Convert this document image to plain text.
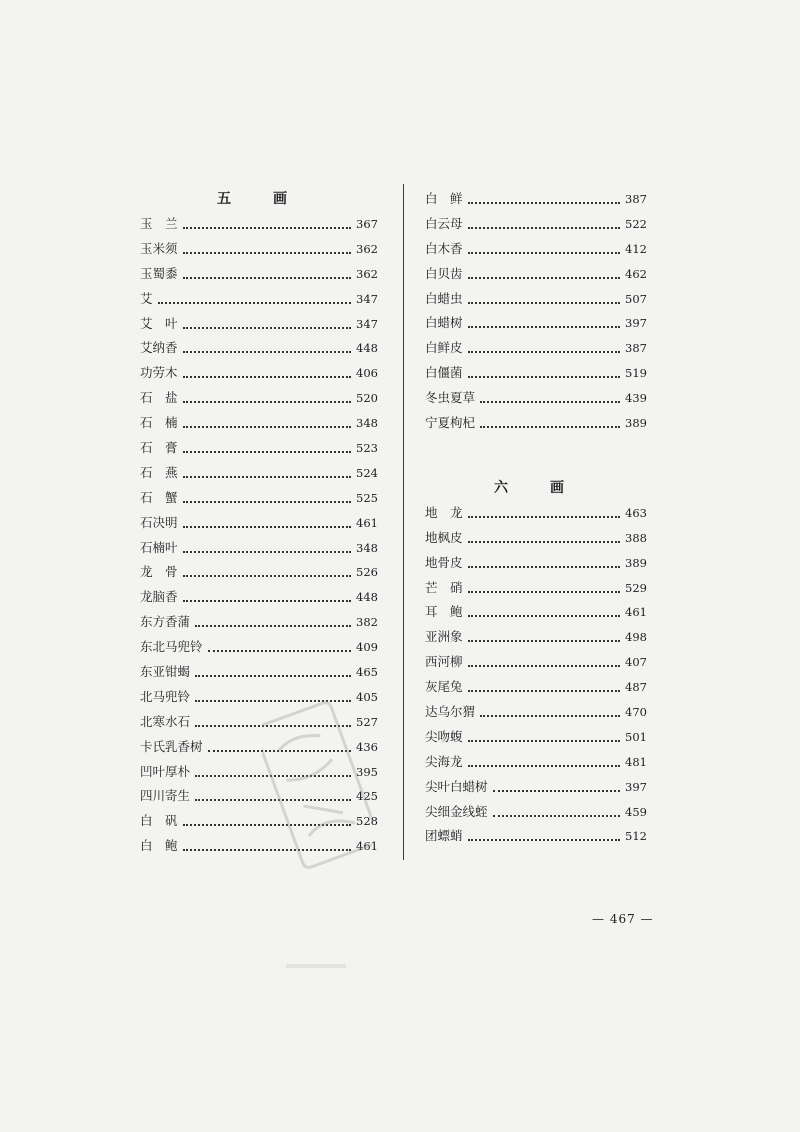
五　画
玉　兰	367
玉米须	362
玉蜀黍	362
艾	347
艾　叶	347
艾纳香	448
功劳木	406
石　盐	520
石　楠	348
石　膏	523
石　燕	524
石　蟹	525
石决明	461
石楠叶	348
龙　骨	526
龙脑香	448
东方香蒲	382
东北马兜铃	409
东亚钳蝎	465
北马兜铃	405
北寒水石	527
卡氏乳香树	436
凹叶厚朴	395
四川寄生	425
白　矾	528
白　鲍	461
白　鲜	387
白云母	522
白木香	412
白贝齿	462
白蜡虫	507
白蜡树	397
白鲜皮	387
白僵菌	519
冬虫夏草	439
宁夏枸杞	389
六　画
地　龙	463
地枫皮	388
地骨皮	389
芒　硝	529
耳　鲍	461
亚洲象	498
西河柳	407
灰尾兔	487
达乌尔猬	470
尖吻蝮	501
尖海龙	481
尖叶白蜡树	397
尖细金线蛭	459
团螵蛸	512
— 467 —
